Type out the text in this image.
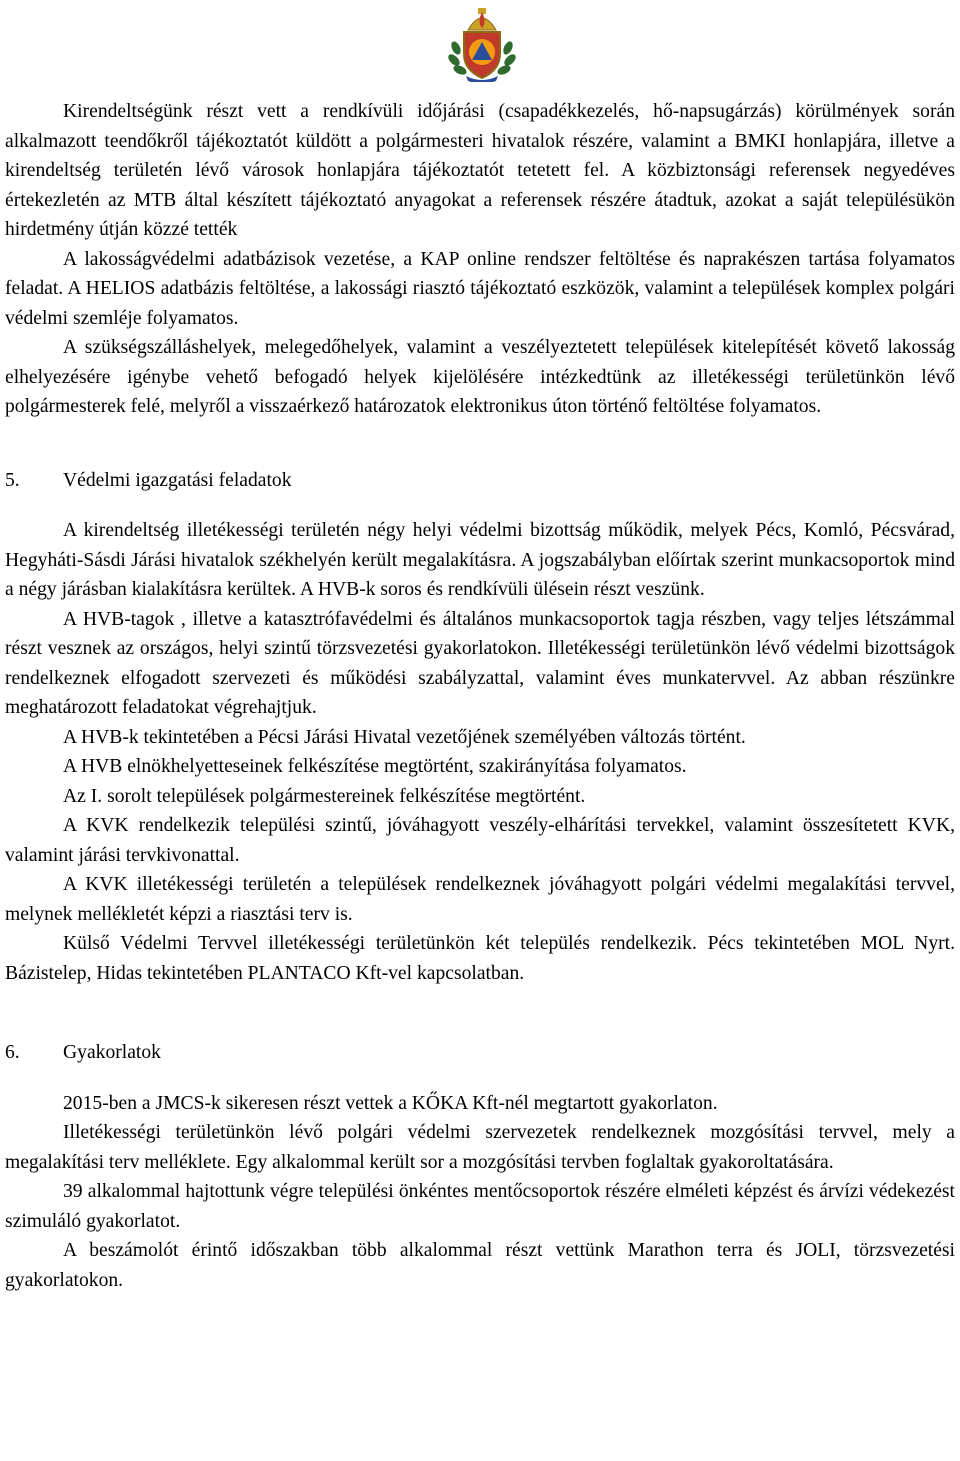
Kirendeltségünk részt vett a rendkívüli időjárási (csapadékkezelés, hő-napsugárzás) körülmények során alkalmazott teendőkről tájékoztatót küldött a polgármesteri hivatalok részére, valamint a BMKI honlapjára, illetve a kirendeltség területén lévő városok honlapjára tájékoztatót tetetett fel. A közbiztonsági referensek negyedéves értekezletén az MTB által készített tájékoztató anyagokat a referensek részére átadtuk, azokat a saját településükön hirdetmény útján közzé tették

A lakosságvédelmi adatbázisok vezetése, a KAP online rendszer feltöltése és naprakészen tartása folyamatos feladat. A HELIOS adatbázis feltöltése, a lakossági riasztó tájékoztató eszközök, valamint a települések komplex polgári védelmi szemléje folyamatos.

A szükségszálláshelyek, melegedőhelyek, valamint a veszélyeztetett települések kitelepítését követő lakosság elhelyezésére igénybe vehető befogadó helyek kijelölésére intézkedtünk az illetékességi területünkön lévő polgármesterek felé, melyről a visszaérkező határozatok elektronikus úton történő feltöltése folyamatos.

5.	Védelmi igazgatási feladatok

A kirendeltség illetékességi területén négy helyi védelmi bizottság működik, melyek Pécs, Komló, Pécsvárad, Hegyháti-Sásdi Járási hivatalok székhelyén került megalakításra. A jogszabályban előírtak szerint munkacsoportok mind a négy járásban kialakításra kerültek. A HVB-k soros és rendkívüli ülésein részt veszünk.

A HVB-tagok , illetve a katasztrófavédelmi és általános munkacsoportok tagja részben, vagy teljes létszámmal részt vesznek az országos, helyi szintű törzsvezetési gyakorlatokon. Illetékességi területünkön lévő védelmi bizottságok rendelkeznek elfogadott szervezeti és működési szabályzattal, valamint éves munkatervvel. Az abban részünkre meghatározott feladatokat végrehajtjuk.

A HVB-k tekintetében a Pécsi Járási Hivatal vezetőjének személyében változás történt.

A HVB elnökhelyetteseinek felkészítése megtörtént, szakirányítása folyamatos.

Az I. sorolt települések polgármestereinek felkészítése megtörtént.

A KVK rendelkezik települési szintű, jóváhagyott veszély-elhárítási tervekkel, valamint összesítetett KVK, valamint járási tervkivonattal.

A KVK illetékességi területén a települések rendelkeznek jóváhagyott polgári védelmi megalakítási tervvel, melynek mellékletét képzi a riasztási terv is.

Külső Védelmi Tervvel illetékességi területünkön két település rendelkezik. Pécs tekintetében MOL Nyrt. Bázistelep, Hidas tekintetében PLANTACO Kft-vel kapcsolatban.

6.	Gyakorlatok

2015-ben a JMCS-k sikeresen részt vettek a KŐKA Kft-nél megtartott gyakorlaton.

Illetékességi területünkön lévő polgári védelmi szervezetek rendelkeznek mozgósítási tervvel, mely a megalakítási terv melléklete. Egy alkalommal került sor a mozgósítási tervben foglaltak gyakoroltatására.

39 alkalommal hajtottunk végre települési önkéntes mentőcsoportok részére elméleti képzést és árvízi védekezést szimuláló gyakorlatot.

A beszámolót érintő időszakban több alkalommal részt vettünk Marathon terra és JOLI, törzsvezetési gyakorlatokon.
